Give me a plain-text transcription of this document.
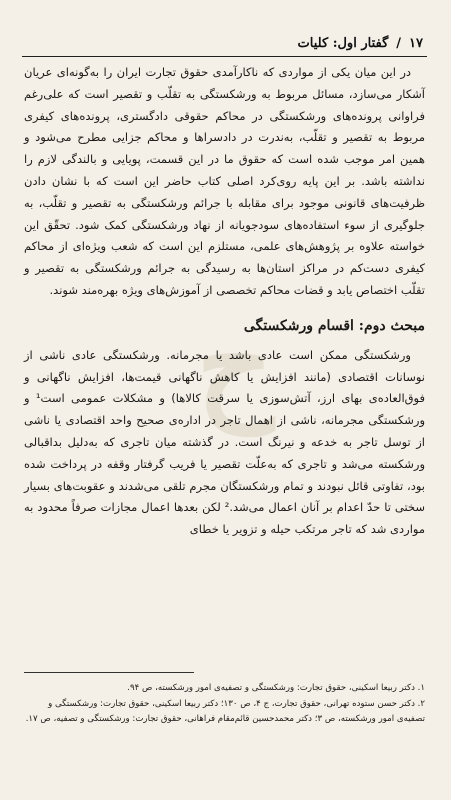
ح
۱۷
/
گفتار اول: کلیات

در این میان یکی از مواردی که ناکارآمدی حقوق تجارت ایران را به‌گونه‌ای عریان آشکار می‌سازد، مسائل مربوط به ورشکستگی به تقلّب و تقصیر است که علی‌رغم فراوانی پرونده‌های ورشکستگی در محاکم حقوقی دادگستری، پرونده‌های کیفری مربوط به تقصیر و تقلّب، به‌ندرت در دادسراها و محاکم جزایی مطرح می‌شود و همین امر موجب شده است که حقوق ما در این قسمت، پویایی و بالندگی لازم را نداشته باشد. بر این پایه روی‌کرد اصلی کتاب حاضر این است که با نشان دادن ظرفیت‌های قانونی موجود برای مقابله با جرائم ورشکستگی به تقصیر و تقلّب، به جلوگیری از سوء استفاده‌های سودجویانه از نهاد ورشکستگی کمک شود. تحقّق این خواسته علاوه بر پژوهش‌های علمی، مستلزم این است که شعب ویژه‌ای از محاکم کیفری دست‌کم در مراکز استان‌ها به رسیدگی به جرائم ورشکستگی به تقصیر و تقلّب اختصاص یابد و قضات محاکم تخصصی از آموزش‌های ویژه بهره‌مند شوند.

مبحث دوم: اقسام ورشکستگی

ورشکستگی ممکن است عادی باشد یا مجرمانه. ورشکستگی عادی ناشی از نوسانات اقتصادی (مانند افزایش یا کاهش ناگهانی قیمت‌ها، افزایش ناگهانی و فوق‌العاده‌ی بهای ارز، آتش‌سوزی یا سرقت کالاها) و مشکلات عمومی است¹ و ورشکستگی مجرمانه، ناشی از اهمال تاجر در اداره‌ی صحیح واحد اقتصادی یا ناشی از توسل تاجر به خدعه و نیرنگ است. در گذشته میان تاجری که به‌دلیل بداقبالی ورشکسته می‌شد و تاجری که به‌علّت تقصیر یا فریب گرفتار وقفه در پرداخت شده بود، تفاوتی قائل نبودند و تمام ورشکستگان مجرم تلقی می‌شدند و عقوبت‌های بسیار سختی تا حدّ اعدام بر آنان اعمال می‌شد.² لکن بعدها اعمال مجازات صرفاً محدود به مواردی شد که تاجر مرتکب حیله و تزویر یا خطای

۱. دکتر ربیعا اسکینی، حقوق تجارت: ورشکستگی و تصفیه‌ی امور ورشکسته، ص ۹۴.
۲. دکتر حسن ستوده تهرانی، حقوق تجارت، ج ۴، ص ۱۳۰؛ دکتر ربیعا اسکینی، حقوق تجارت: ورشکستگی و تصفیه‌ی امور ورشکسته، ص ۳؛ دکتر محمدحسین قائم‌مقام فراهانی، حقوق تجارت: ورشکستگی و تصفیه، ص ۱۷.
